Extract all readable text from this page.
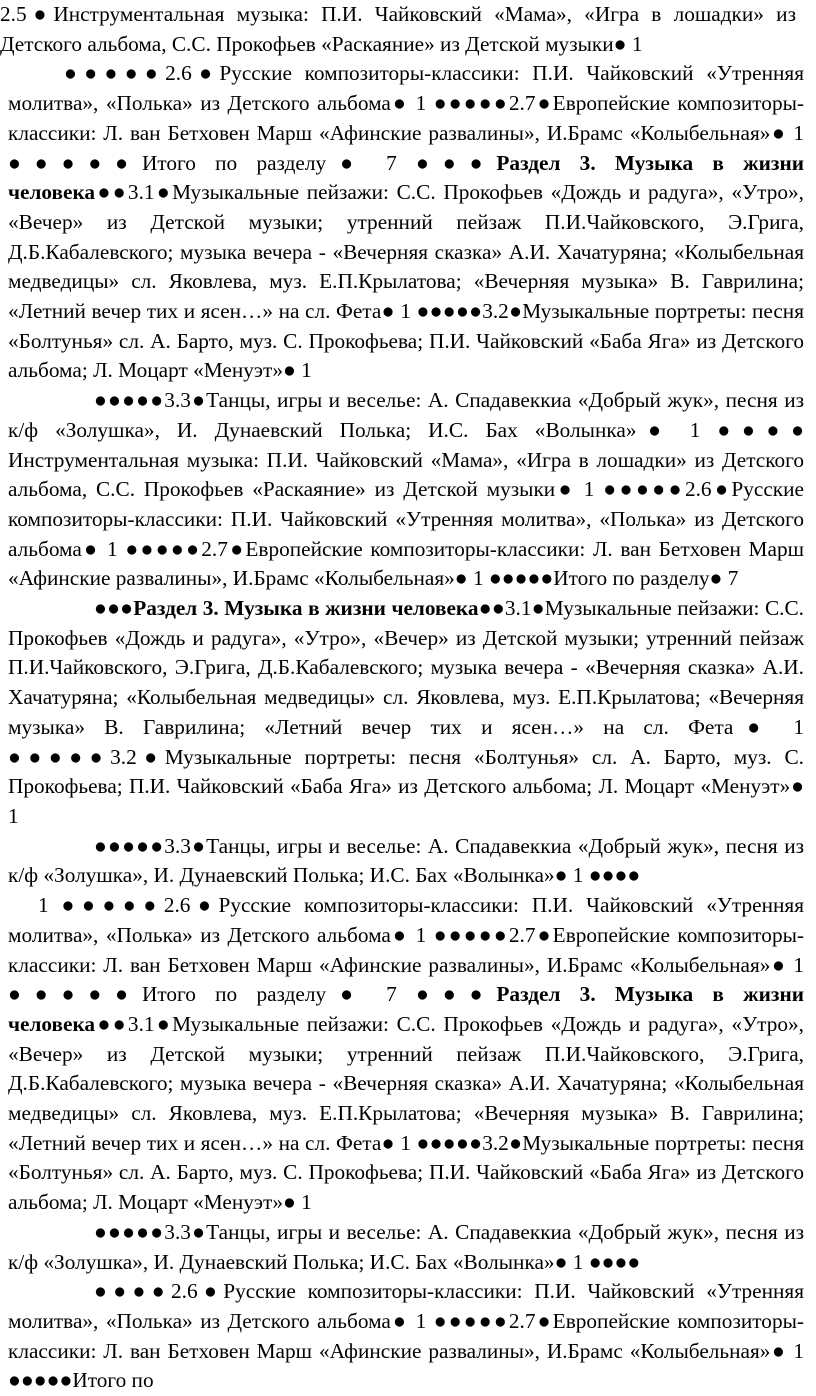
2.5●Инструментальная музыка: П.И. Чайковский «Мама», «Игра в лошадки» из Детского альбома, С.С. Прокофьев «Раскаяние» из Детской музыки● 1

●●●●●2.6●Русские композиторы-классики: П.И. Чайковский «Утренняя молитва», «Полька» из Детского альбома● 1 ●●●●●2.7●Европейские композиторы-классики: Л. ван Бетховен Марш «Афинские развалины», И.Брамс «Колыбельная»● 1 ●●●●●Итого по разделу● 7 ●●●Раздел 3. Музыка в жизни человека●●3.1●Музыкальные пейзажи: С.С. Прокофьев «Дождь и радуга», «Утро», «Вечер» из Детской музыки; утренний пейзаж П.И.Чайковского, Э.Грига, Д.Б.Кабалевского; музыка вечера - «Вечерняя сказка» А.И. Хачатуряна; «Колыбельная медведицы» сл. Яковлева, муз. Е.П.Крылатова; «Вечерняя музыка» В. Гаврилина; «Летний вечер тих и ясен…» на сл. Фета● 1 ●●●●●3.2●Музыкальные портреты: песня «Болтунья» сл. А. Барто, муз. С. Прокофьева; П.И. Чайковский «Баба Яга» из Детского альбома; Л. Моцарт «Менуэт»● 1

●●●●●3.3●Танцы, игры и веселье: А. Спадавеккиа «Добрый жук», песня из к/ф «Золушка», И. Дунаевский Полька; И.С. Бах «Волынка»● 1 ●●●● Инструментальная музыка: П.И. Чайковский «Мама», «Игра в лошадки» из Детского альбома, С.С. Прокофьев «Раскаяние» из Детской музыки● 1 ●●●●●2.6●Русские композиторы-классики: П.И. Чайковский «Утренняя молитва», «Полька» из Детского альбома● 1 ●●●●●2.7●Европейские композиторы-классики: Л. ван Бетховен Марш «Афинские развалины», И.Брамс «Колыбельная»● 1 ●●●●●Итого по разделу● 7

●●●Раздел 3. Музыка в жизни человека●●3.1●Музыкальные пейзажи: С.С. Прокофьев «Дождь и радуга», «Утро», «Вечер» из Детской музыки; утренний пейзаж П.И.Чайковского, Э.Грига, Д.Б.Кабалевского; музыка вечера - «Вечерняя сказка» А.И. Хачатуряна; «Колыбельная медведицы» сл. Яковлева, муз. Е.П.Крылатова; «Вечерняя музыка» В. Гаврилина; «Летний вечер тих и ясен…» на сл. Фета● 1 ●●●●●3.2●Музыкальные портреты: песня «Болтунья» сл. А. Барто, муз. С. Прокофьева; П.И. Чайковский «Баба Яга» из Детского альбома; Л. Моцарт «Менуэт»● 1

●●●●●3.3●Танцы, игры и веселье: А. Спадавеккиа «Добрый жук», песня из к/ф «Золушка», И. Дунаевский Полька; И.С. Бах «Волынка»● 1 ●●●●

1 ●●●●●2.6●Русские композиторы-классики: П.И. Чайковский «Утренняя молитва», «Полька» из Детского альбома● 1 ●●●●●2.7●Европейские композиторы-классики: Л. ван Бетховен Марш «Афинские развалины», И.Брамс «Колыбельная»● 1 ●●●●●Итого по разделу● 7 ●●●Раздел 3. Музыка в жизни человека●●3.1●Музыкальные пейзажи: С.С. Прокофьев «Дождь и радуга», «Утро», «Вечер» из Детской музыки; утренний пейзаж П.И.Чайковского, Э.Грига, Д.Б.Кабалевского; музыка вечера - «Вечерняя сказка» А.И. Хачатуряна; «Колыбельная медведицы» сл. Яковлева, муз. Е.П.Крылатова; «Вечерняя музыка» В. Гаврилина; «Летний вечер тих и ясен…» на сл. Фета● 1 ●●●●●3.2●Музыкальные портреты: песня «Болтунья» сл. А. Барто, муз. С. Прокофьева; П.И. Чайковский «Баба Яга» из Детского альбома; Л. Моцарт «Менуэт»● 1

●●●●●3.3●Танцы, игры и веселье: А. Спадавеккиа «Добрый жук», песня из к/ф «Золушка», И. Дунаевский Полька; И.С. Бах «Волынка»● 1 ●●●●

●●●●2.6●Русские композиторы-классики: П.И. Чайковский «Утренняя молитва», «Полька» из Детского альбома● 1 ●●●●●2.7●Европейские композиторы-классики: Л. ван Бетховен Марш «Афинские развалины», И.Брамс «Колыбельная»● 1 ●●●●●Итого по
